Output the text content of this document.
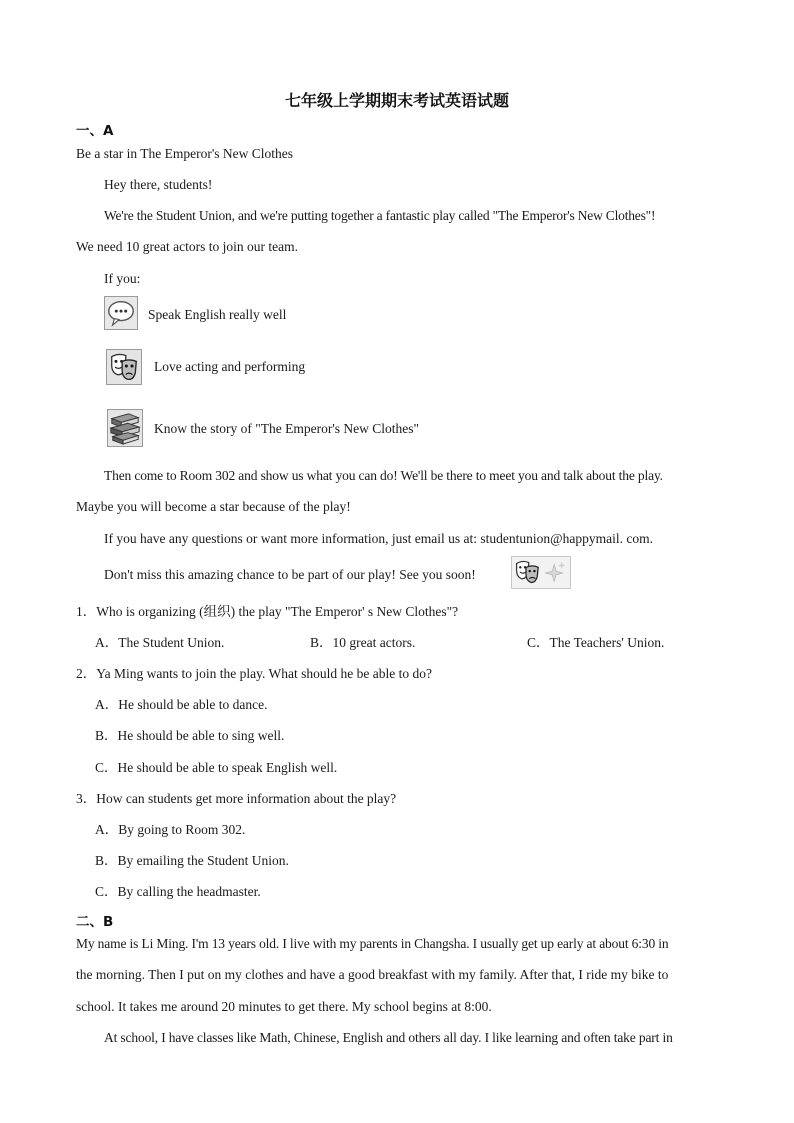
七年级上学期期末考试英语试题
一、A
Be a star in The Emperor's New Clothes
Hey there, students!
We're the Student Union, and we're putting together a fantastic play called "The Emperor's New Clothes"!
We need 10 great actors to join our team.
If you:
Speak English really well
Love acting and performing
Know the story of "The Emperor's New Clothes"
Then come to Room 302 and show us what you can do! We'll be there to meet you and talk about the play.
Maybe you will become a star because of the play!
If you have any questions or want more information, just email us at: studentunion@happymail. com.
Don't miss this amazing chance to be part of our play! See you soon!
1．Who is organizing (组织) the play "The Emperor' s New Clothes"?
A．The Student Union.	B．10 great actors.	C．The Teachers' Union.
2．Ya Ming wants to join the play. What should he be able to do?
A．He should be able to dance.
B．He should be able to sing well.
C．He should be able to speak English well.
3．How can students get more information about the play?
A．By going to Room 302.
B．By emailing the Student Union.
C．By calling the headmaster.
二、B
My name is Li Ming. I'm 13 years old. I live with my parents in Changsha. I usually get up early at about 6:30 in
the morning. Then I put on my clothes and have a good breakfast with my family. After that, I ride my bike to
school. It takes me around 20 minutes to get there. My school begins at 8:00.
At school, I have classes like Math, Chinese, English and others all day. I like learning and often take part in
